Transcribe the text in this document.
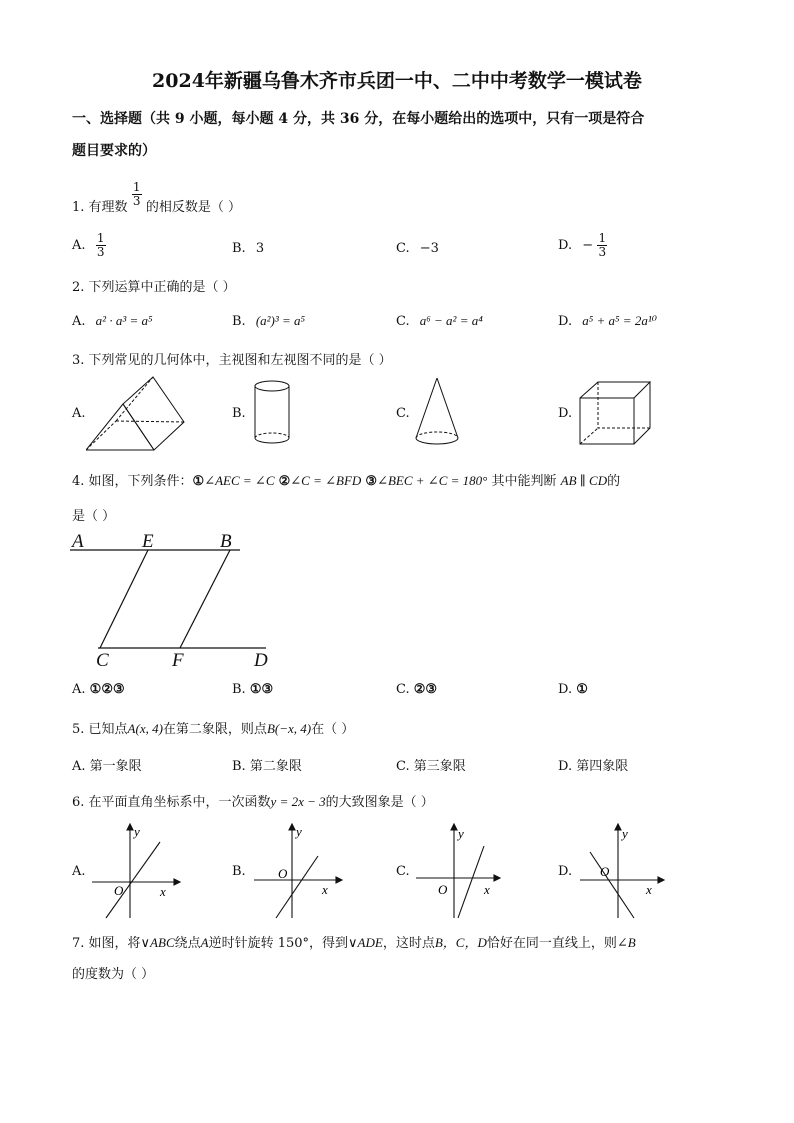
2024年新疆乌鲁木齐市兵团一中、二中中考数学一模试卷
一、选择题（共 9 小题，每小题 4 分，共 36 分，在每小题给出的选项中，只有一项是符合
题目要求的）
1. 有理数 $\frac{1}{3}$ 的相反数是（ ）
A. $\frac{1}{3}$	B. 3	C. −3	D. − $\frac{1}{3}$
2. 下列运算中正确的是（ ）
A. a² · a³ = a⁵	B. (a²)³ = a⁵	C. a⁶ − a² = a⁴	D. a⁵ + a⁵ = 2a¹⁰
3. 下列常见的几何体中，主视图和左视图不同的是（ ）
A.	B.	C.	D.
4. 如图，下列条件：①∠AEC = ∠C ②∠C = ∠BFD ③∠BEC + ∠C = 180° 其中能判断 AB ∥ CD的
是（ ）
A	E	B
C	F	D
A. ①②③	B. ①③	C. ②③	D. ①
5. 已知点A(x, 4)在第二象限，则点B(−x, 4)在（ ）
A. 第一象限	B. 第二象限	C. 第三象限	D. 第四象限
6. 在平面直角坐标系中，一次函数y = 2x − 3的大致图象是（ ）
A.	B.	C.	D.
y
x
O
y
x
O
y
x
O
y
x
O
7. 如图，将∨ABC绕点A逆时针旋转 150°，得到∨ADE，这时点B，C，D恰好在同一直线上，则∠B
的度数为（ ）
